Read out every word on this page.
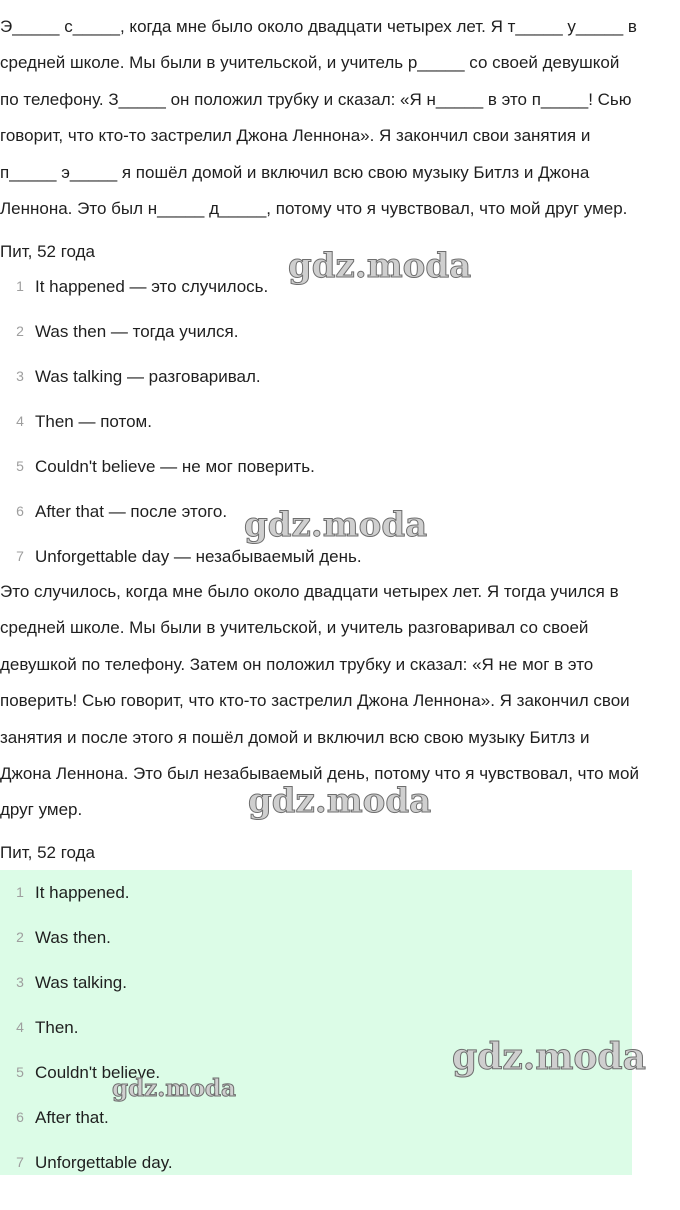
Э_____ с_____, когда мне было около двадцати четырех лет. Я т_____ у_____ в
средней школе. Мы были в учительской, и учитель р_____ со своей девушкой
по телефону. З_____ он положил трубку и сказал: «Я н_____ в это п_____! Сью
говорит, что кто-то застрелил Джона Леннона». Я закончил свои занятия и
п_____ э_____ я пошёл домой и включил всю свою музыку Битлз и Джона
Леннона. Это был н_____ д_____, потому что я чувствовал, что мой друг умер.

Пит, 52 года

1 It happened — это случилось.
2 Was then — тогда учился.
3 Was talking — разговаривал.
4 Then — потом.
5 Couldn't believe — не мог поверить.
6 After that — после этого.
7 Unforgettable day — незабываемый день.

Это случилось, когда мне было около двадцати четырех лет. Я тогда учился в
средней школе. Мы были в учительской, и учитель разговаривал со своей
девушкой по телефону. Затем он положил трубку и сказал: «Я не мог в это
поверить! Сью говорит, что кто-то застрелил Джона Леннона». Я закончил свои
занятия и после этого я пошёл домой и включил всю свою музыку Битлз и
Джона Леннона. Это был незабываемый день, потому что я чувствовал, что мой
друг умер.

Пит, 52 года

1 It happened.
2 Was then.
3 Was talking.
4 Then.
5 Couldn't believe.
6 After that.
7 Unforgettable day.
gdz.moda
gdz.moda
gdz.moda
gdz.moda
gdz.moda
